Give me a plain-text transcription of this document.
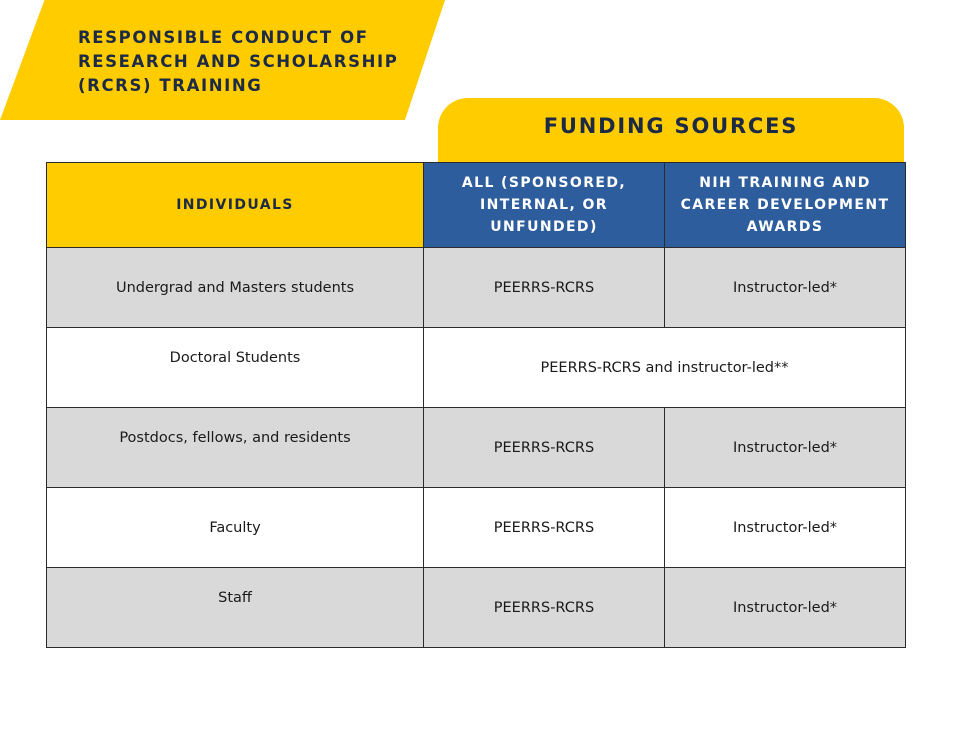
RESPONSIBLE CONDUCT OF RESEARCH AND SCHOLARSHIP (RCRS) TRAINING
FUNDING SOURCES
INDIVIDUALS	ALL (SPONSORED, INTERNAL, OR UNFUNDED)	NIH TRAINING AND CAREER DEVELOPMENT AWARDS
Undergrad and Masters students	PEERRS-RCRS	Instructor-led*
Doctoral Students	PEERRS-RCRS and instructor-led**	
Postdocs, fellows, and residents	PEERRS-RCRS	Instructor-led*
Faculty	PEERRS-RCRS	Instructor-led*
Staff	PEERRS-RCRS	Instructor-led*
